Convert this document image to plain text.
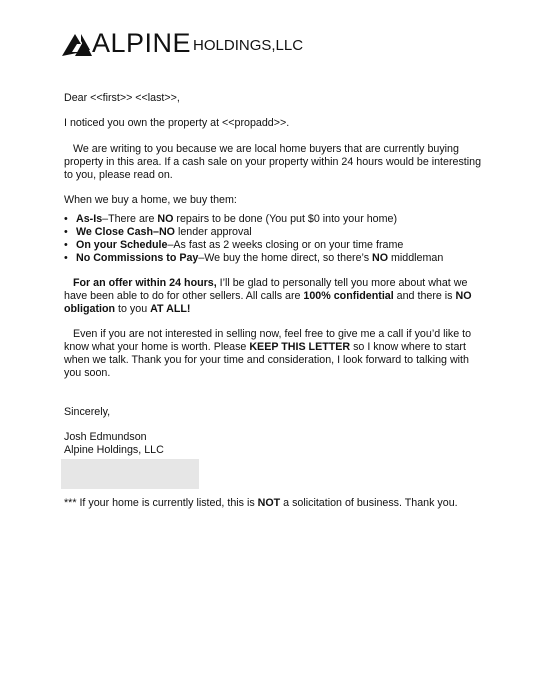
ALPINE HOLDINGS,LLC

Dear <<first>> <<last>>,

I noticed you own the property at <<propadd>>.

We are writing to you because we are local home buyers that are currently buying property in this area. If a cash sale on your property within 24 hours would be interesting to you, please read on.

When we buy a home, we buy them:

• As-Is–There are NO repairs to be done (You put $0 into your home)
• We Close Cash–NO lender approval
• On your Schedule–As fast as 2 weeks closing or on your time frame
• No Commissions to Pay–We buy the home direct, so there’s NO middleman

For an offer within 24 hours, I’ll be glad to personally tell you more about what we have been able to do for other sellers. All calls are 100% confidential and there is NO obligation to you AT ALL!

Even if you are not interested in selling now, feel free to give me a call if you’d like to know what your home is worth. Please KEEP THIS LETTER so I know where to start when we talk. Thank you for your time and consideration, I look forward to talking with you soon.

Sincerely,

Josh Edmundson
Alpine Holdings, LLC

*** If your home is currently listed, this is NOT a solicitation of business. Thank you.
